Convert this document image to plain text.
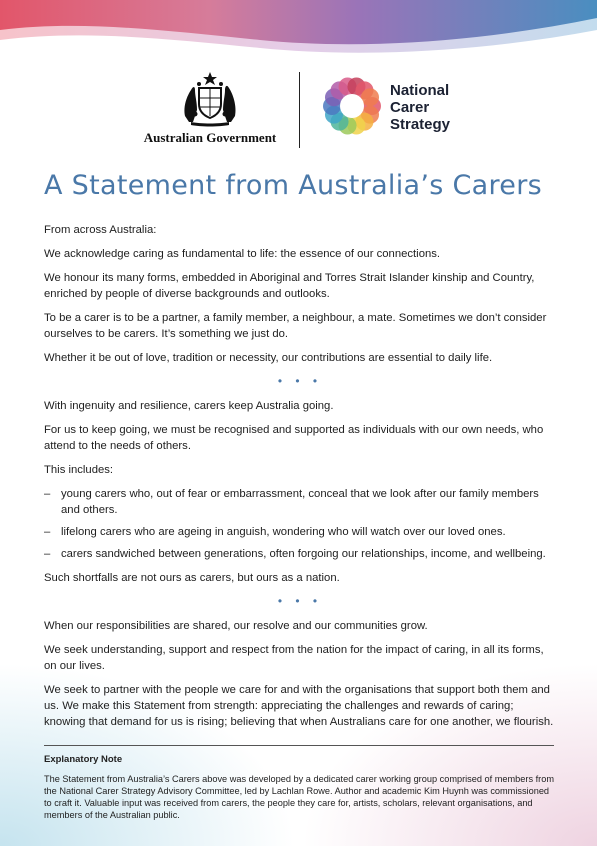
Australian Government
National
Carer
Strategy
A Statement from Australia’s Carers

From across Australia:

We acknowledge caring as fundamental to life: the essence of our connections.

We honour its many forms, embedded in Aboriginal and Torres Strait Islander kinship and Country, enriched by people of diverse backgrounds and outlooks.

To be a carer is to be a partner, a family member, a neighbour, a mate. Sometimes we don’t consider ourselves to be carers. It’s something we just do.

Whether it be out of love, tradition or necessity, our contributions are essential to daily life.

• • •

With ingenuity and resilience, carers keep Australia going.

For us to keep going, we must be recognised and supported as individuals with our own needs, who attend to the needs of others.

This includes:

– young carers who, out of fear or embarrassment, conceal that we look after our family members and others.
– lifelong carers who are ageing in anguish, wondering who will watch over our loved ones.
– carers sandwiched between generations, often forgoing our relationships, income, and wellbeing.

Such shortfalls are not ours as carers, but ours as a nation.

• • •

When our responsibilities are shared, our resolve and our communities grow.

We seek understanding, support and respect from the nation for the impact of caring, in all its forms, on our lives.

We seek to partner with the people we care for and with the organisations that support both them and us. We make this Statement from strength: appreciating the challenges and rewards of caring; knowing that demand for us is rising; believing that when Australians care for one another, we flourish.

Explanatory Note
The Statement from Australia’s Carers above was developed by a dedicated carer working group comprised of members from the National Carer Strategy Advisory Committee, led by Lachlan Rowe. Author and academic Kim Huynh was commissioned to craft it. Valuable input was received from carers, the people they care for, artists, scholars, relevant organisations, and members of the Australian public.
